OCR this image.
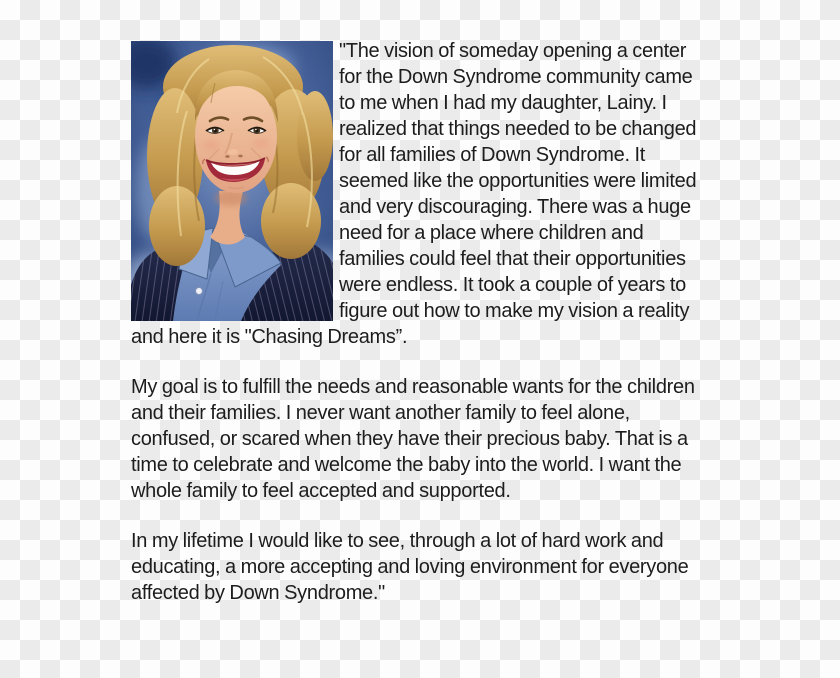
"The vision of someday opening a center for the Down Syndrome community came to me when I had my daughter, Lainy. I realized that things needed to be changed for all families of Down Syndrome. It seemed like the opportunities were limited and very discouraging. There was a huge need for a place where children and families could feel that their opportunities were endless. It took a couple of years to figure out how to make my vision a reality and here it is "Chasing Dreams”.

My goal is to fulfill the needs and reasonable wants for the children and their families. I never want another family to feel alone, confused, or scared when they have their precious baby. That is a time to celebrate and welcome the baby into the world. I want the whole family to feel accepted and supported.

In my lifetime I would like to see, through a lot of hard work and educating, a more accepting and loving environment for everyone affected by Down Syndrome."
